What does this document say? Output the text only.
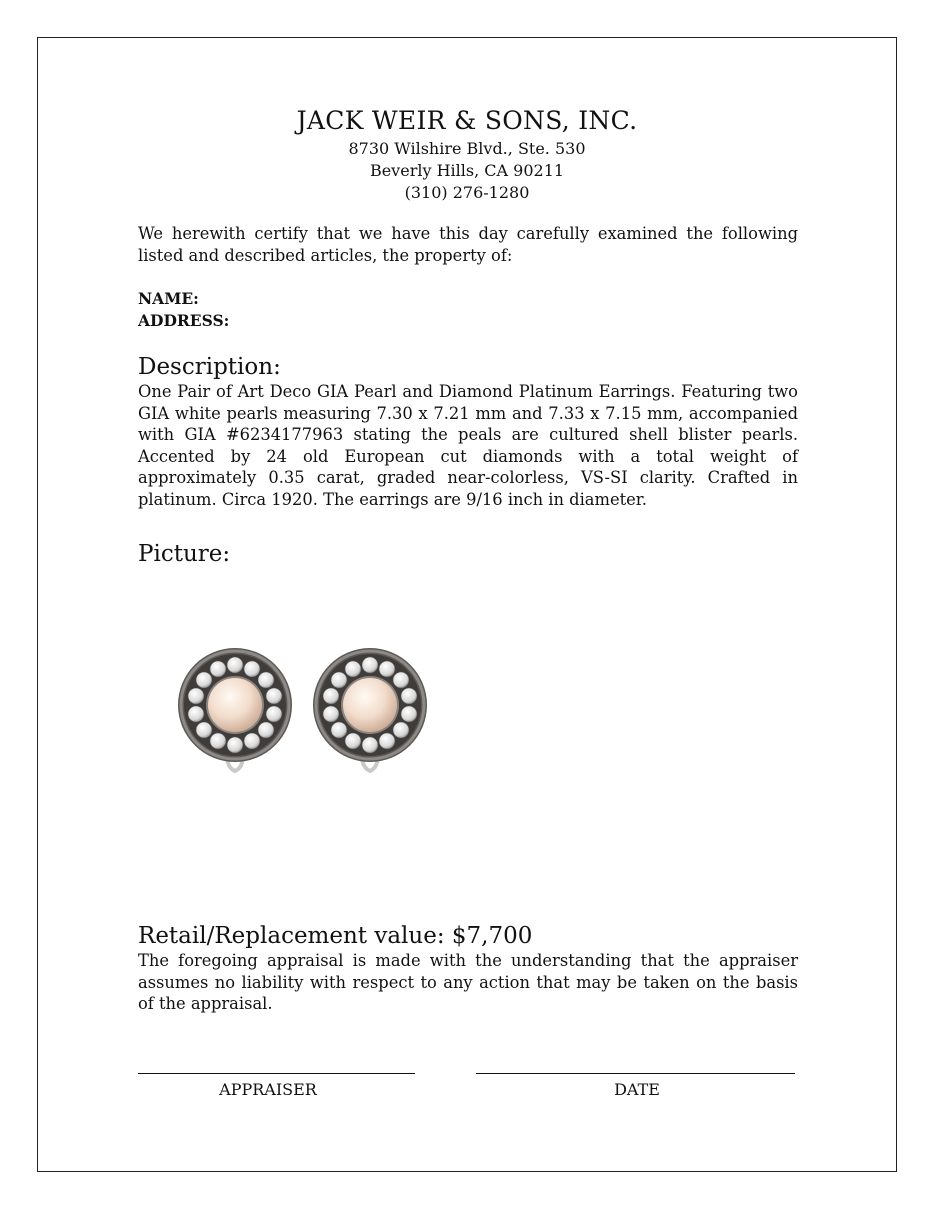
JACK WEIR & SONS, INC.
8730 Wilshire Blvd., Ste. 530
Beverly Hills, CA 90211
(310) 276-1280
We herewith certify that we have this day carefully examined the following listed and described articles, the property of:
NAME:
ADDRESS:
Description:
One Pair of Art Deco GIA Pearl and Diamond Platinum Earrings. Featuring two GIA white pearls measuring 7.30 x 7.21 mm and 7.33 x 7.15 mm, accompanied with GIA #6234177963 stating the peals are cultured shell blister pearls. Accented by 24 old European cut diamonds with a total weight of approximately 0.35 carat, graded near-colorless, VS-SI clarity. Crafted in platinum. Circa 1920. The earrings are 9/16 inch in diameter.
Picture:
Retail/Replacement value: $7,700
The foregoing appraisal is made with the understanding that the appraiser assumes no liability with respect to any action that may be taken on the basis of the appraisal.
APPRAISER	DATE
